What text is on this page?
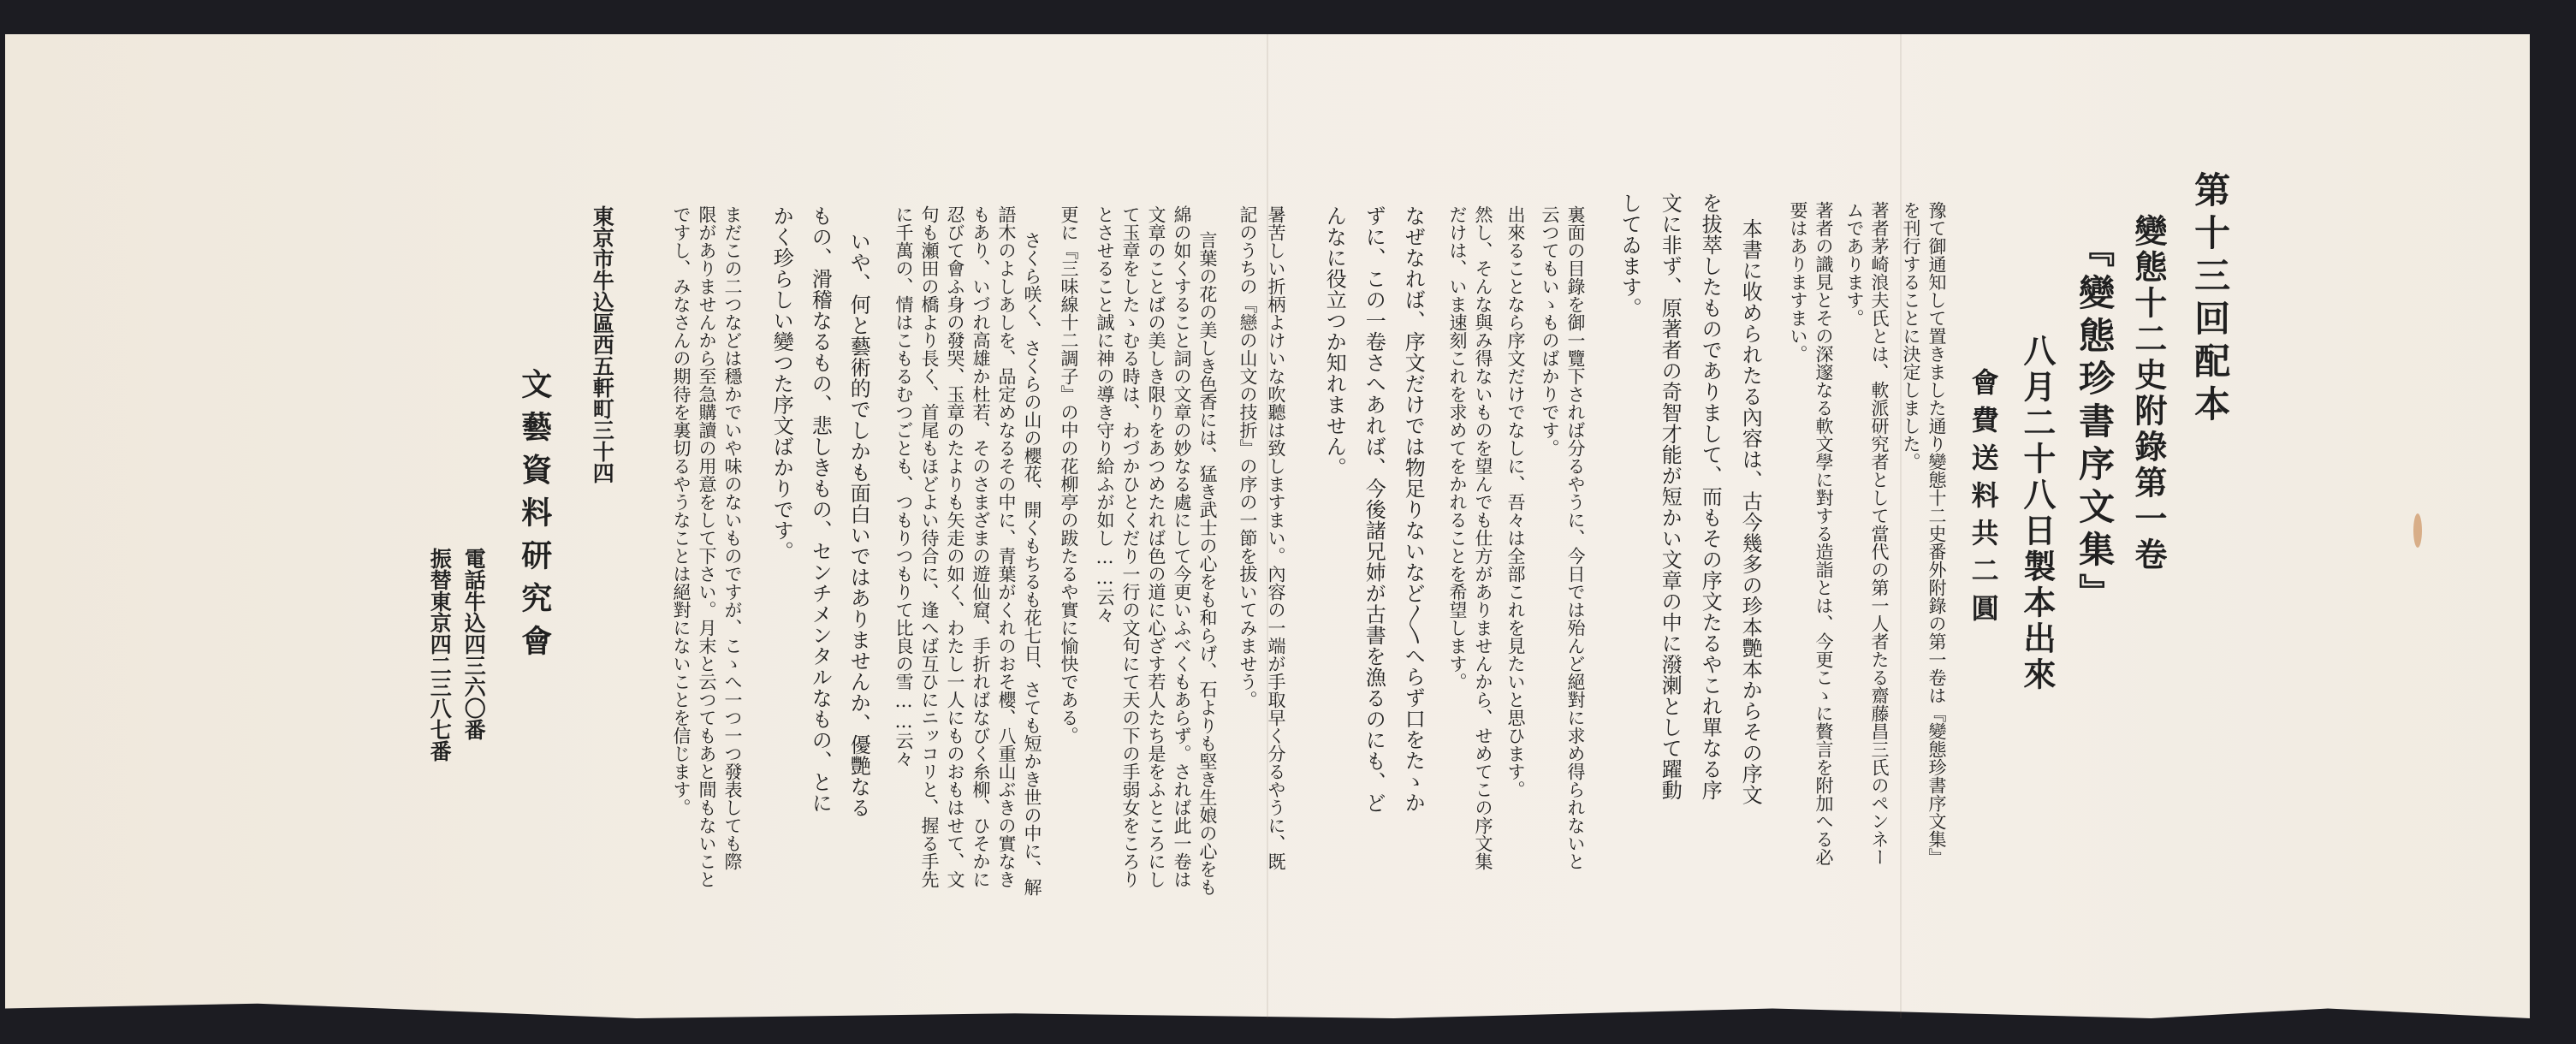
第十三回配本
變態十二史附錄第一卷
『變態珍書序文集』
八月二十八日製本出來
會費送料共二圓
豫て御通知して置きました通り變態十二史番外附錄の第一卷は『變態珍書序文集』
を刊行することに決定しました。
著者茅崎浪夫氏とは、軟派研究者として當代の第一人者たる齋藤昌三氏のペンネー
ムであります。
著者の識見とその深邃なる軟文學に對する造詣とは、今更こゝに贅言を附加へる必
要はありますまい。
本書に收められたる內容は、古今幾多の珍本艷本からその序文
を拔萃したものでありまして、而もその序文たるやこれ單なる序
文に非ず、原著者の奇智才能が短かい文章の中に潑溂として躍動
してゐます。
裏面の目錄を御一覽下されば分るやうに、今日では殆んど絕對に求め得られないと
云つてもいゝものばかりです。
出來ることなら序文だけでなしに、吾々は全部これを見たいと思ひます。
然し、そんな與み得ないものを望んでも仕方がありませんから、せめてこの序文集
だけは、いま速刻これを求めてをかれることを希望します。
なぜなれば、序文だけでは物足りないなど〳〵へらず口をたゝか
ずに、この一卷さへあれば、今後諸兄姉が古書を漁るのにも、ど
んなに役立つか知れません。
暑苦しい折柄よけいな吹聽は致しますまい。內容の一端が手取早く分るやうに、既
記のうちの『戀の山文の技折』の序の一節を拔いてみませう。
言葉の花の美しき色香には、猛き武士の心をも和らげ、石よりも堅き生娘の心をも
綿の如くすること詞の文章の妙なる處にして今更いふべくもあらず。されば此一卷は
文章のことばの美しき限りをあつめたれば色の道に心ざす若人たち是をふところにし
て玉章をしたゝむる時は、わづかひとくだり一行の文句にて天の下の手弱女をころり
とさせること誠に神の導き守り給ふが如し……云々
更に『三味線十二調子』の中の花柳亭の跋たるや實に愉快である。
さくら咲く、さくらの山の櫻花、開くもちるも花七日、さても短かき世の中に、解
語木のよしあしを、品定めなるその中に、青葉がくれのおそ櫻、八重山ぶきの實なき
もあり、いづれ高雄か杜若、そのさまざまの遊仙窟、手折ればなびく糸柳、ひそかに
忍びて會ふ身の發哭、玉章のたよりも矢走の如く、わたし一人にものおもはせて、文
句も瀬田の橋より長く、首尾もほどよい待合に、逢へば互ひにニッコリと、握る手先
に千萬の、情はこもるむつごとも、つもりつもりて比良の雪……云々
いや、何と藝術的でしかも面白いではありませんか、優艷なる
もの、滑稽なるもの、悲しきもの、センチメンタルなもの、とに
かく珍らしい變つた序文ばかりです。
まだこの二つなどは穩かでいや味のないものですが、こゝへ一つ一つ發表しても際
限がありませんから至急購讀の用意をして下さい。月末と云つてもあと間もないこと
ですし、みなさんの期待を裏切るやうなことは絕對にないことを信じます。
東京市牛込區西五軒町三十四
文藝資料研究會
電話牛込四三六〇番
振替東京四二三八七番
